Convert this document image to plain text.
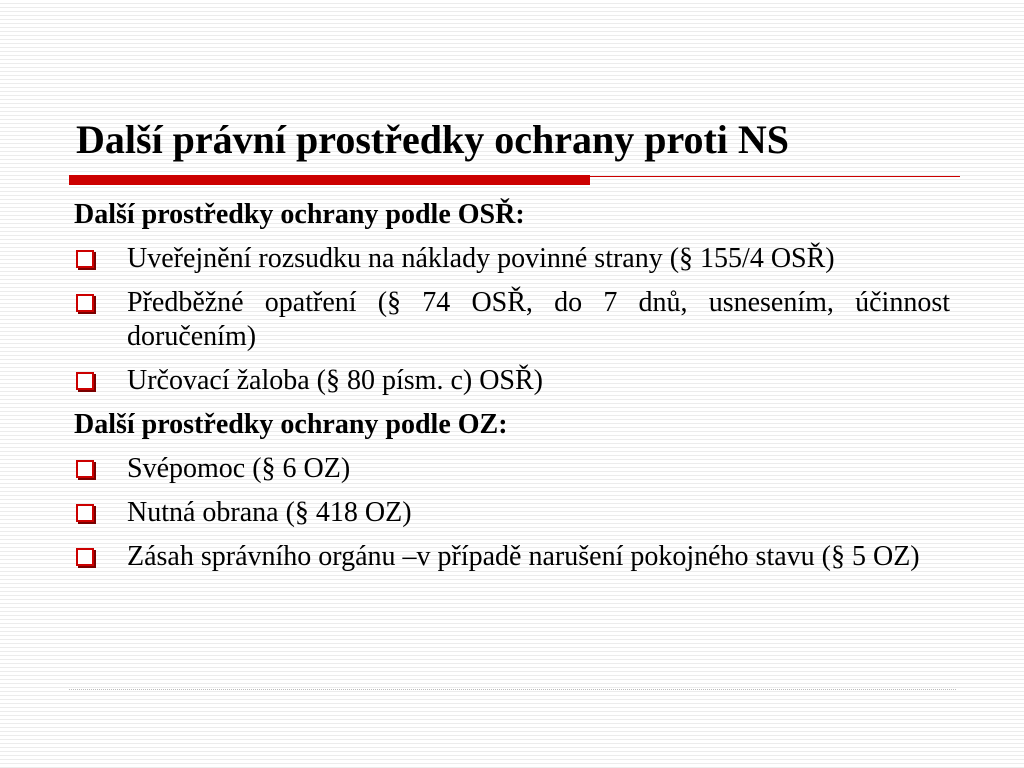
Další právní prostředky ochrany proti NS
Další prostředky ochrany podle OSŘ:
Uveřejnění rozsudku na náklady povinné strany (§ 155/4 OSŘ)
Předběžné opatření (§ 74 OSŘ, do 7 dnů, usnesením, účinnost doručením)
Určovací žaloba (§ 80 písm. c) OSŘ)
Další prostředky ochrany podle OZ:
Svépomoc (§ 6 OZ)
Nutná obrana (§ 418 OZ)
Zásah správního orgánu –v případě narušení pokojného stavu (§ 5 OZ)
